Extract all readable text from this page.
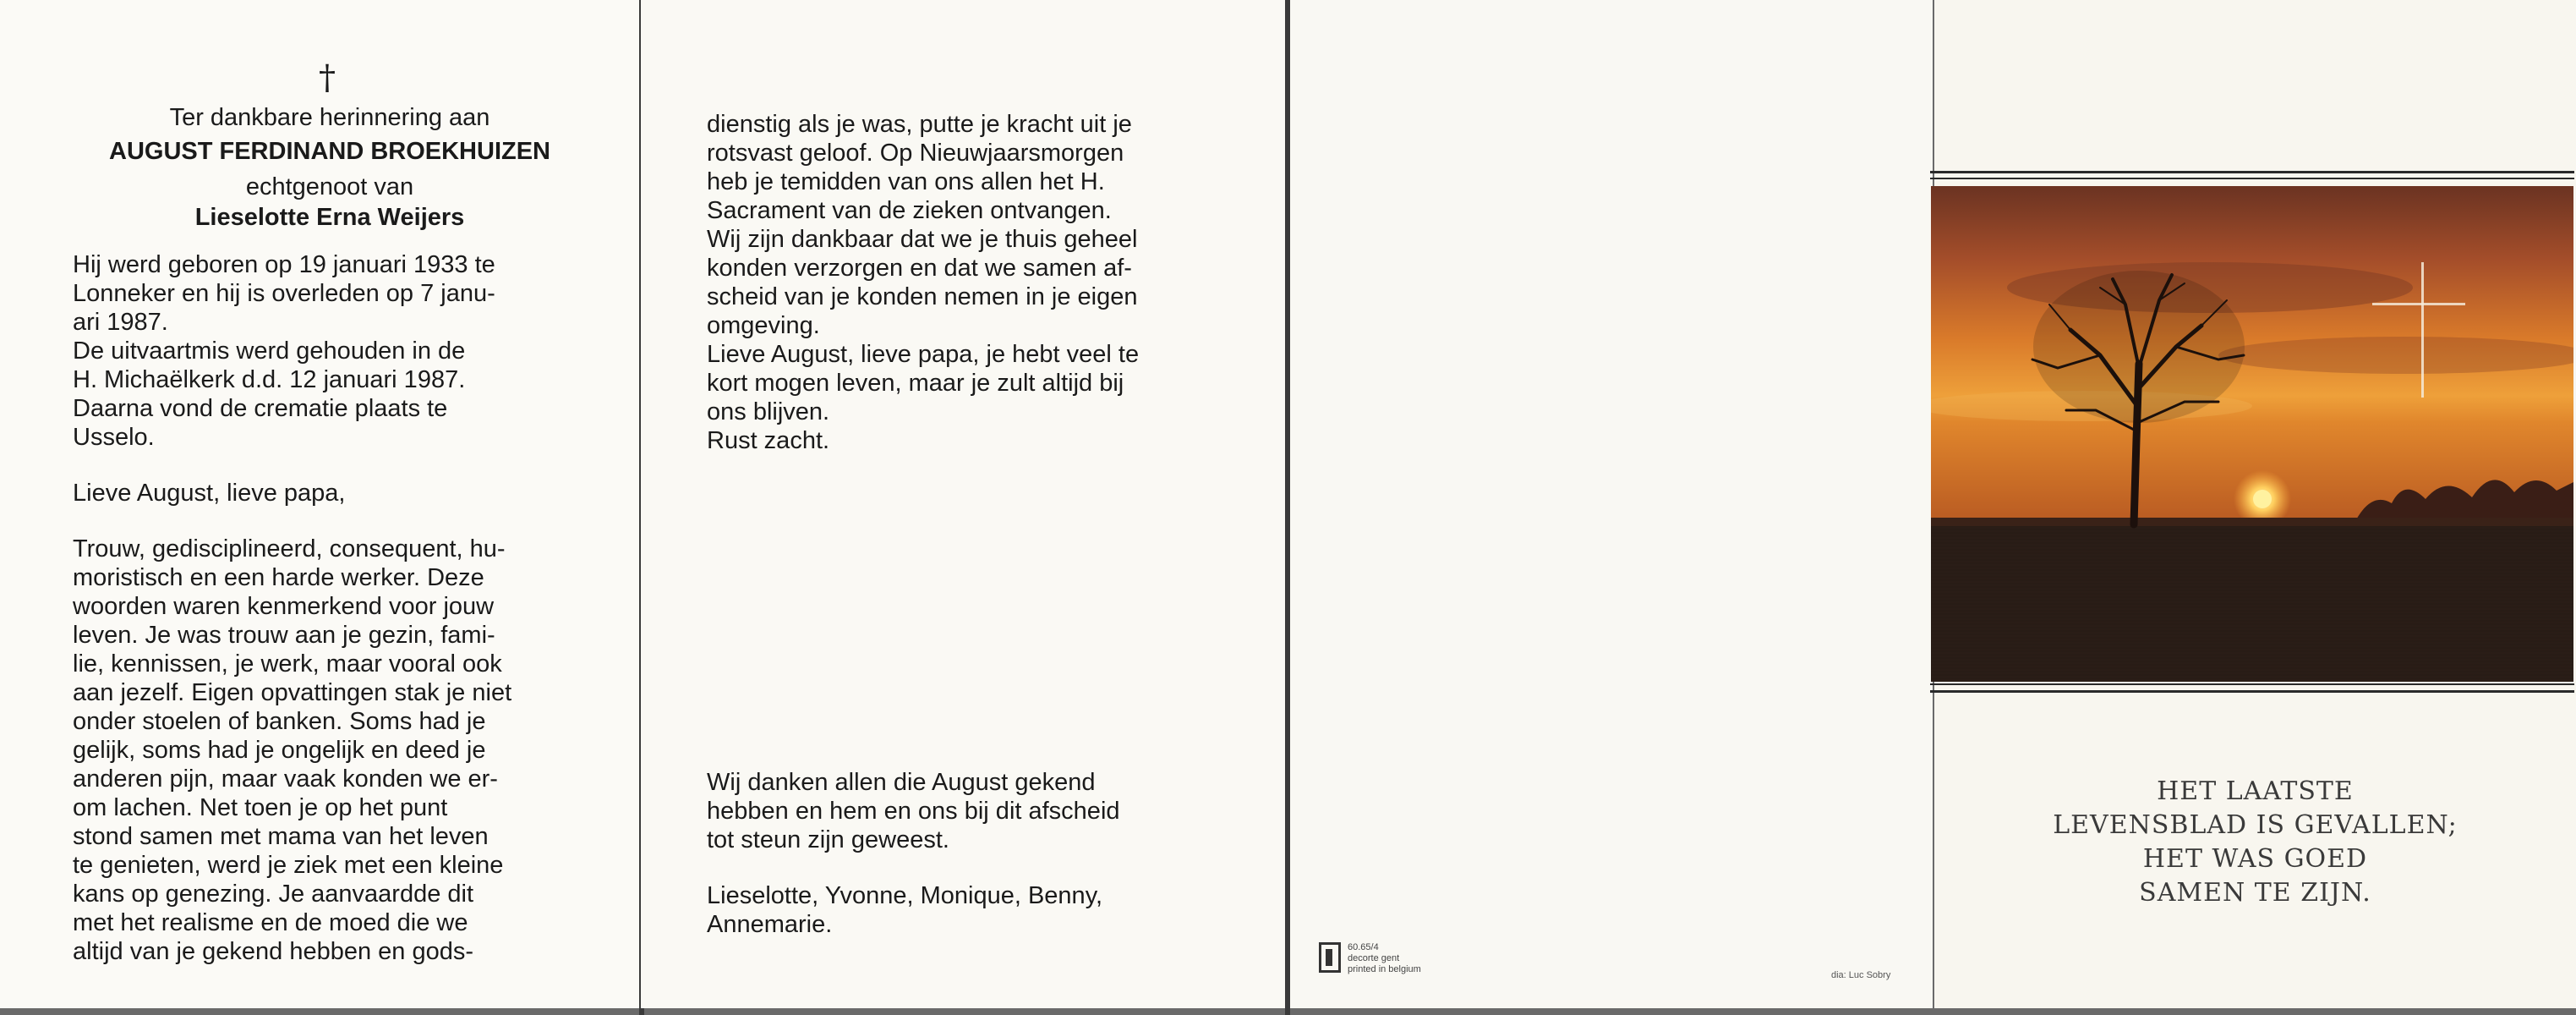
†
Ter dankbare herinnering aan
AUGUST FERDINAND BROEKHUIZEN
echtgenoot van
Lieselotte Erna Weijers

Hij werd geboren op 19 januari 1933 te

Lonneker en hij is overleden op 7 janu-

ari 1987.

De uitvaartmis werd gehouden in de

H. Michaëlkerk d.d. 12 januari 1987.

Daarna vond de crematie plaats te

Usselo.

Lieve August, lieve papa,

Trouw, gedisciplineerd, consequent, hu-

moristisch en een harde werker. Deze

woorden waren kenmerkend voor jouw

leven. Je was trouw aan je gezin, fami-

lie, kennissen, je werk, maar vooral ook

aan jezelf. Eigen opvattingen stak je niet

onder stoelen of banken. Soms had je

gelijk, soms had je ongelijk en deed je

anderen pijn, maar vaak konden we er-

om lachen. Net toen je op het punt

stond samen met mama van het leven

te genieten, werd je ziek met een kleine

kans op genezing. Je aanvaardde dit

met het realisme en de moed die we

altijd van je gekend hebben en gods-

dienstig als je was, putte je kracht uit je

rotsvast geloof. Op Nieuwjaarsmorgen

heb je temidden van ons allen het H.

Sacrament van de zieken ontvangen.

Wij zijn dankbaar dat we je thuis geheel

konden verzorgen en dat we samen af-

scheid van je konden nemen in je eigen

omgeving.

Lieve August, lieve papa, je hebt veel te

kort mogen leven, maar je zult altijd bij

ons blijven.

Rust zacht.

Wij danken allen die August gekend

hebben en hem en ons bij dit afscheid

tot steun zijn geweest.

Lieselotte, Yvonne, Monique, Benny,

Annemarie.

60.65/4
decorte gent
printed in belgium
dia: Luc Sobry
HET LAATSTE
LEVENSBLAD IS GEVALLEN;
HET WAS GOED
SAMEN TE ZIJN.
